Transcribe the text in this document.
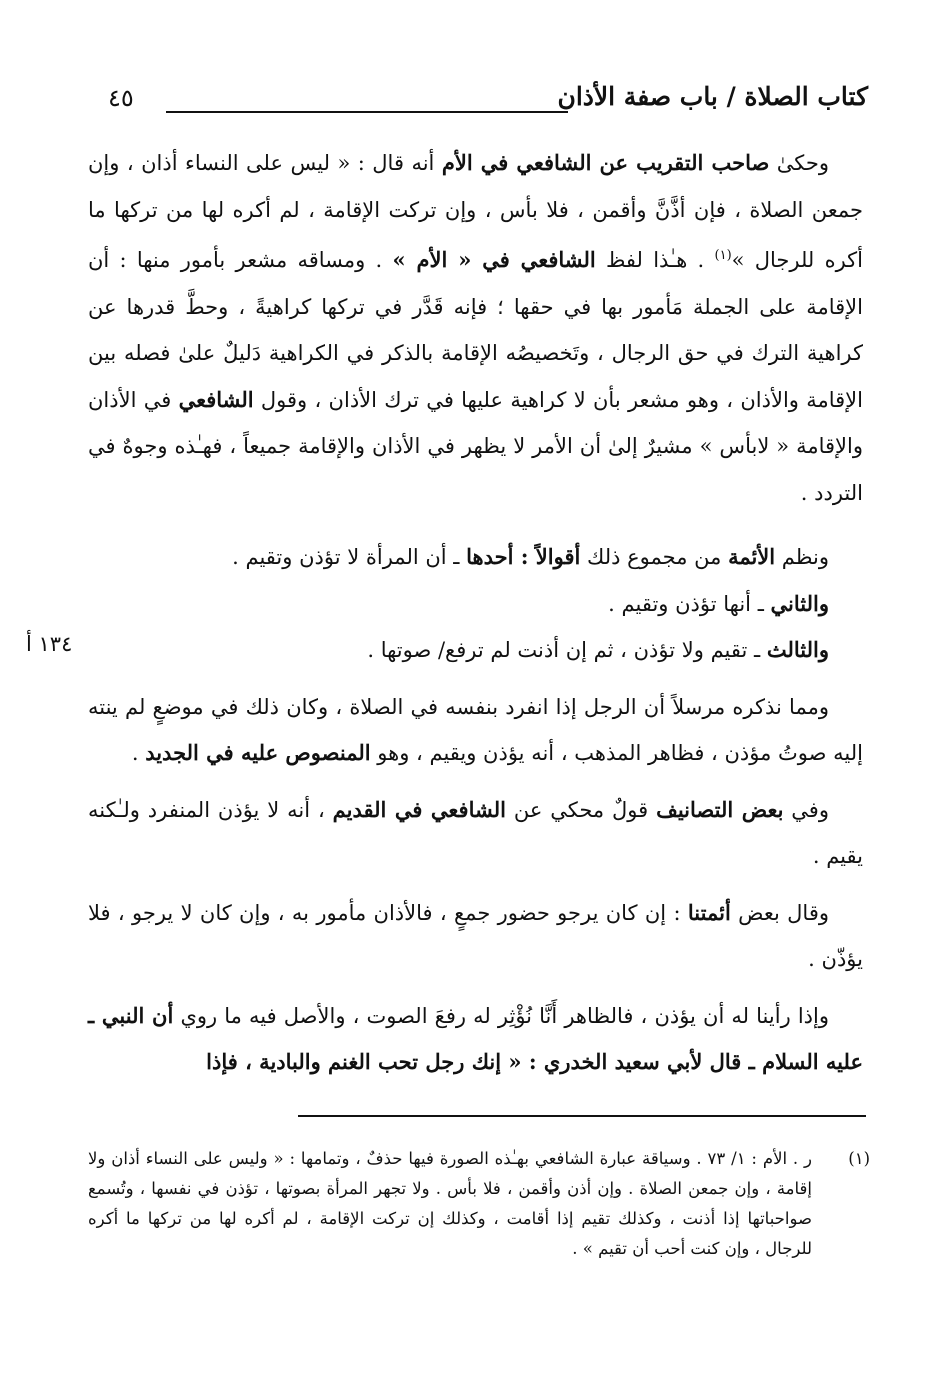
كتاب الصلاة / باب صفة الأذان
٤٥
١٣٤ أ

وحكىٰ صاحب التقريب عن الشافعي في الأم أنه قال : « ليس على النساء أذان ، وإن جمعن الصلاة ، فإن أذَّنَّ وأقمن ، فلا بأس ، وإن تركت الإقامة ، لم أكره لها من تركها ما أكره للرجال »$^{(١)}$ . هـٰذا لفظ الشافعي في « الأم » . ومساقه مشعر بأمور منها : أن الإقامة على الجملة مَأمور بها في حقها ؛ فإنه قَدَّر في تركها كراهيةً ، وحطَّ قدرها عن كراهية الترك في حق الرجال ، وتَخصيصُه الإقامة بالذكر في الكراهية دَليلٌ علىٰ فصله بين الإقامة والأذان ، وهو مشعر بأن لا كراهية عليها في ترك الأذان ، وقول الشافعي في الأذان والإقامة « لابأس » مشيرٌ إلىٰ أن الأمر لا يظهر في الأذان والإقامة جميعاً ، فهـٰذه وجوهٌ في التردد .

ونظم الأئمة من مجموع ذلك أقوالاً : أحدها ـ أن المرأة لا تؤذن وتقيم .

والثاني ـ أنها تؤذن وتقيم .

والثالث ـ تقيم ولا تؤذن ، ثم إن أذنت لم ترفع/ صوتها .

ومما نذكره مرسلاً أن الرجل إذا انفرد بنفسه في الصلاة ، وكان ذلك في موضعٍ لم ينته إليه صوتُ مؤذن ، فظاهر المذهب ، أنه يؤذن ويقيم ، وهو المنصوص عليه في الجديد .

وفي بعض التصانيف قولٌ محكي عن الشافعي في القديم ، أنه لا يؤذن المنفرد ولـٰكنه يقيم .

وقال بعض أئمتنا : إن كان يرجو حضور جمعٍ ، فالأذان مأمور به ، وإن كان لا يرجو ، فلا يؤذّن .

وإذا رأينا له أن يؤذن ، فالظاهر أَنَّا نُؤْثِر له رفعَ الصوت ، والأصل فيه ما روي أن النبي ـ عليه السلام ـ قال لأبي سعيد الخدري : « إنك رجل تحب الغنم والبادية ، فإذا

(١)
ر . الأم : ١/ ٧٣ . وسياقة عبارة الشافعي بهـٰذه الصورة فيها حذفٌ ، وتمامها : « وليس على النساء أذان ولا إقامة ، وإن جمعن الصلاة . وإن أذن وأقمن ، فلا بأس . ولا تجهر المرأة بصوتها ، تؤذن في نفسها ، وتُسمع صواحباتها إذا أذنت ، وكذلك تقيم إذا أقامت ، وكذلك إن تركت الإقامة ، لم أكره لها من تركها ما أكره للرجال ، وإن كنت أحب أن تقيم » .
